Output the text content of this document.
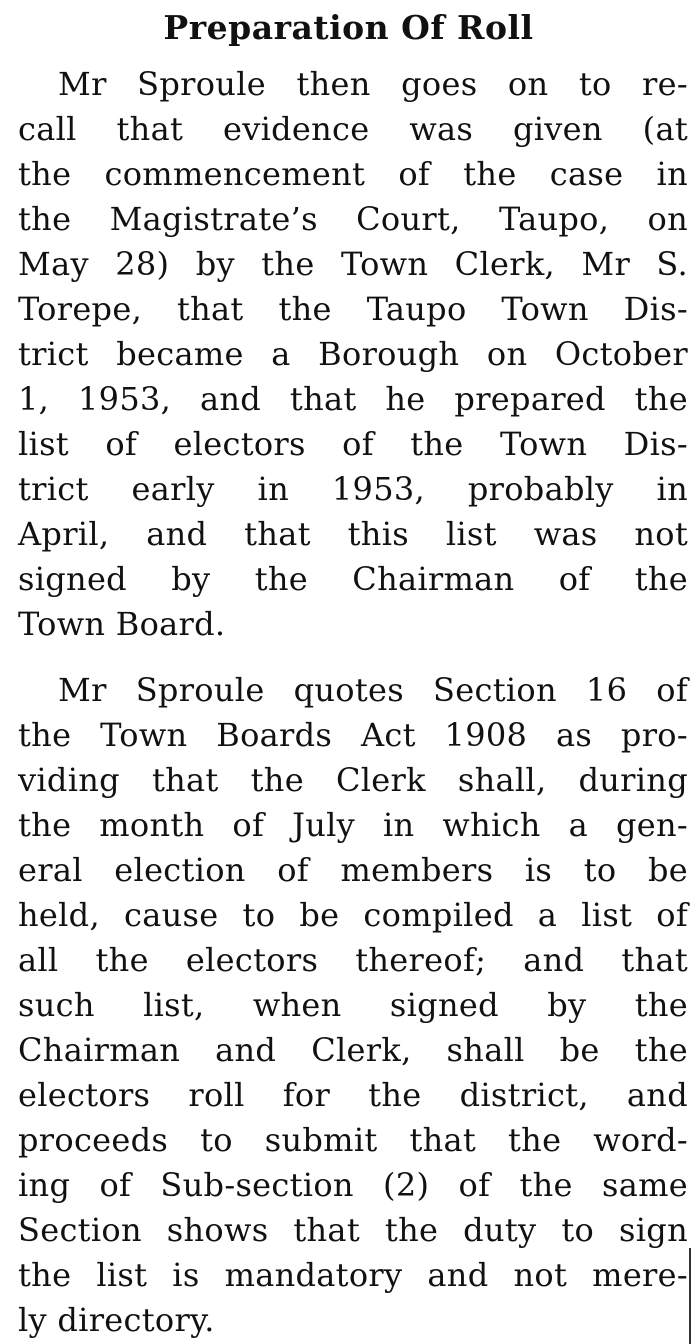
Preparation Of Roll
Mr Sproule then goes on to re-
call that evidence was given (at
the commencement of the case in
the Magistrate’s Court, Taupo, on
May 28) by the Town Clerk, Mr S.
Torepe, that the Taupo Town Dis-
trict became a Borough on October
1, 1953, and that he prepared the
list of electors of the Town Dis-
trict early in 1953, probably in
April, and that this list was not
signed by the Chairman of the
Town Board.
Mr Sproule quotes Section 16 of
the Town Boards Act 1908 as pro-
viding that the Clerk shall, during
the month of July in which a gen-
eral election of members is to be
held, cause to be compiled a list of
all the electors thereof; and that
such list, when signed by the
Chairman and Clerk, shall be the
electors roll for the district, and
proceeds to submit that the word-
ing of Sub-section (2) of the same
Section shows that the duty to sign
the list is mandatory and not mere-
ly directory.
